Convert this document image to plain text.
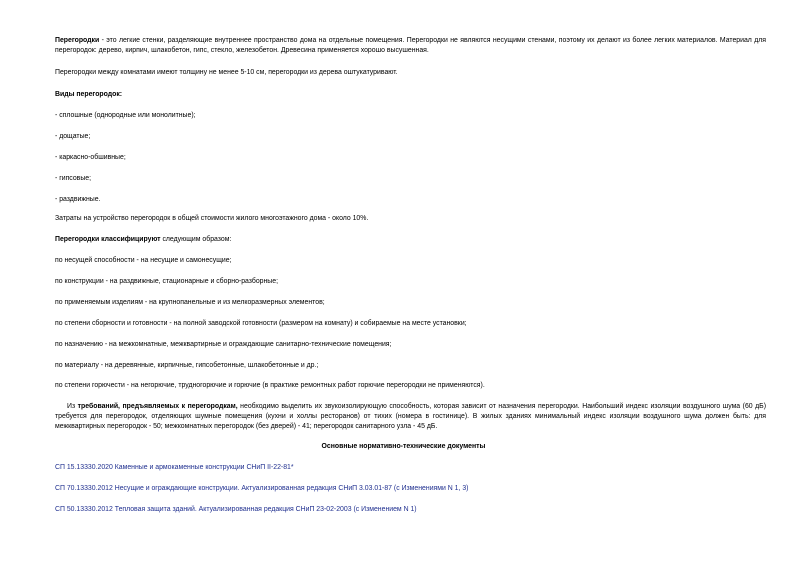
Перегородки - это легкие стенки, разделяющие внутреннее пространство дома на отдельные помещения. Перегородки не являются несущими стенами, поэтому их делают из более легких материалов. Материал для перегородок: дерево, кирпич, шлакобетон, гипс, стекло, железобетон. Древесина применяется хорошо высушенная.

Перегородки между комнатами имеют толщину не менее 5-10 см, перегородки из дерева оштукатуривают.

Виды перегородок:

- сплошные (однородные или монолитные);

- дощатые;

- каркасно-обшивные;

- гипсовые;

- раздвижные.

Затраты на устройство перегородок в общей стоимости жилого многоэтажного дома - около 10%.

Перегородки классифицируют следующим образом:

по несущей способности - на несущие и самонесущие;

по конструкции - на раздвижные, стационарные и сборно-разборные;

по применяемым изделиям - на крупнопанельные и из мелкоразмерных элементов;

по степени сборности и готовности - на полной заводской готовности (размером на комнату) и собираемые на месте установки;

по назначению - на межкомнатные, межквартирные и ограждающие санитарно-технические помещения;

по материалу - на деревянные, кирпичные, гипсобетонные, шлакобетонные и др.;

по степени горючести - на негорючие, трудногорючие и горючие (в практике ремонтных работ горючие перегородки не применяются).

Из требований, предъявляемых к перегородкам, необходимо выделить их звукоизолирующую способность, которая зависит от назначения перегородки. Наибольший индекс изоляции воздушного шума (60 дБ) требуется для перегородок, отделяющих шумные помещения (кухни и холлы ресторанов) от тихих (номера в гостинице). В жилых зданиях минимальный индекс изоляции воздушного шума должен быть: для межквартирных перегородок - 50; межкомнатных перегородок (без дверей) - 41; перегородок санитарного узла - 45 дБ.

Основные нормативно-технические документы

СП 15.13330.2020 Каменные и армокаменные конструкции СНиП II-22-81*

СП 70.13330.2012 Несущие и ограждающие конструкции. Актуализированная редакция СНиП 3.03.01-87 (с Изменениями N 1, 3)

СП 50.13330.2012 Тепловая защита зданий. Актуализированная редакция СНиП 23-02-2003 (с Изменением N 1)
